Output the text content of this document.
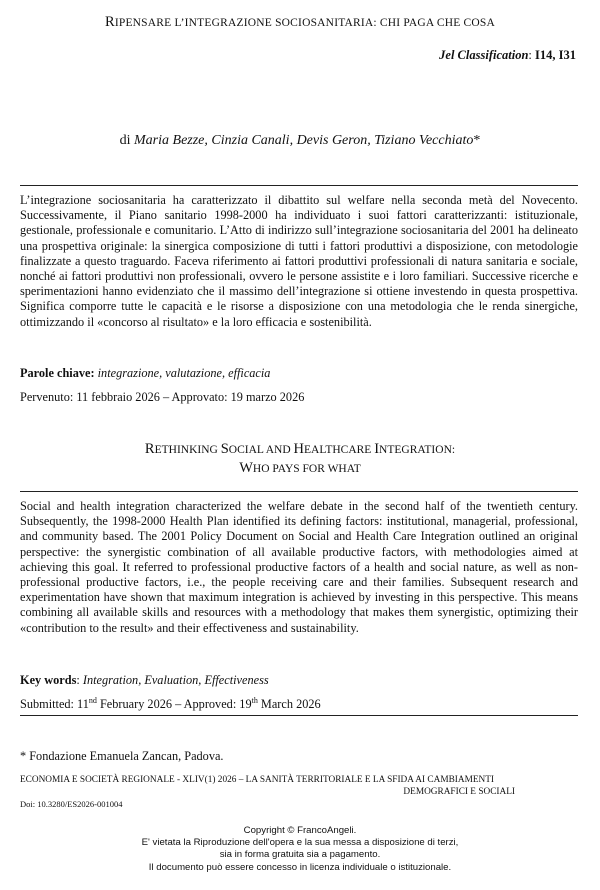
RIPENSARE L’INTEGRAZIONE SOCIOSANITARIA: CHI PAGA CHE COSA
Jel Classification: I14, I31
di Maria Bezze, Cinzia Canali, Devis Geron, Tiziano Vecchiato*
L’integrazione sociosanitaria ha caratterizzato il dibattito sul welfare nella seconda metà del Novecento. Successivamente, il Piano sanitario 1998-2000 ha individuato i suoi fattori caratterizzanti: istituzionale, gestionale, professionale e comunitario. L’Atto di indirizzo sull’integrazione sociosanitaria del 2001 ha delineato una prospettiva originale: la sinergica composizione di tutti i fattori produttivi a disposizione, con metodologie finalizzate a questo traguardo. Faceva riferimento ai fattori produttivi professionali di natura sanitaria e sociale, nonché ai fattori produttivi non professionali, ovvero le persone assistite e i loro familiari. Successive ricerche e sperimentazioni hanno evidenziato che il massimo dell’integrazione si ottiene investendo in questa prospettiva. Significa comporre tutte le capacità e le risorse a disposizione con una metodologia che le renda sinergiche, ottimizzando il «concorso al risultato» e la loro efficacia e sostenibilità.
Parole chiave: integrazione, valutazione, efficacia
Pervenuto: 11 febbraio 2026 – Approvato: 19 marzo 2026
RETHINKING SOCIAL AND HEALTHCARE INTEGRATION:
WHO PAYS FOR WHAT
Social and health integration characterized the welfare debate in the second half of the twentieth century. Subsequently, the 1998-2000 Health Plan identified its defining factors: institutional, managerial, professional, and community based. The 2001 Policy Document on Social and Health Care Integration outlined an original perspective: the synergistic combination of all available productive factors, with methodologies aimed at achieving this goal. It referred to professional productive factors of a health and social nature, as well as non-professional productive factors, i.e., the people receiving care and their families. Subsequent research and experimentation have shown that maximum integration is achieved by investing in this perspective. This means combining all available skills and resources with a methodology that makes them synergistic, optimizing their «contribution to the result» and their effectiveness and sustainability.
Key words: Integration, Evaluation, Effectiveness
Submitted: 11nd February 2026 – Approved: 19th March 2026
* Fondazione Emanuela Zancan, Padova.
ECONOMIA E SOCIETÀ REGIONALE - XLIV(1) 2026 – LA SANITÀ TERRITORIALE E LA SFIDA AI CAMBIAMENTI
DEMOGRAFICI E SOCIALI
Doi: 10.3280/ES2026-001004
Copyright © FrancoAngeli.
E' vietata la Riproduzione dell'opera e la sua messa a disposizione di terzi,
sia in forma gratuita sia a pagamento.
Il documento può essere concesso in licenza individuale o istituzionale.
